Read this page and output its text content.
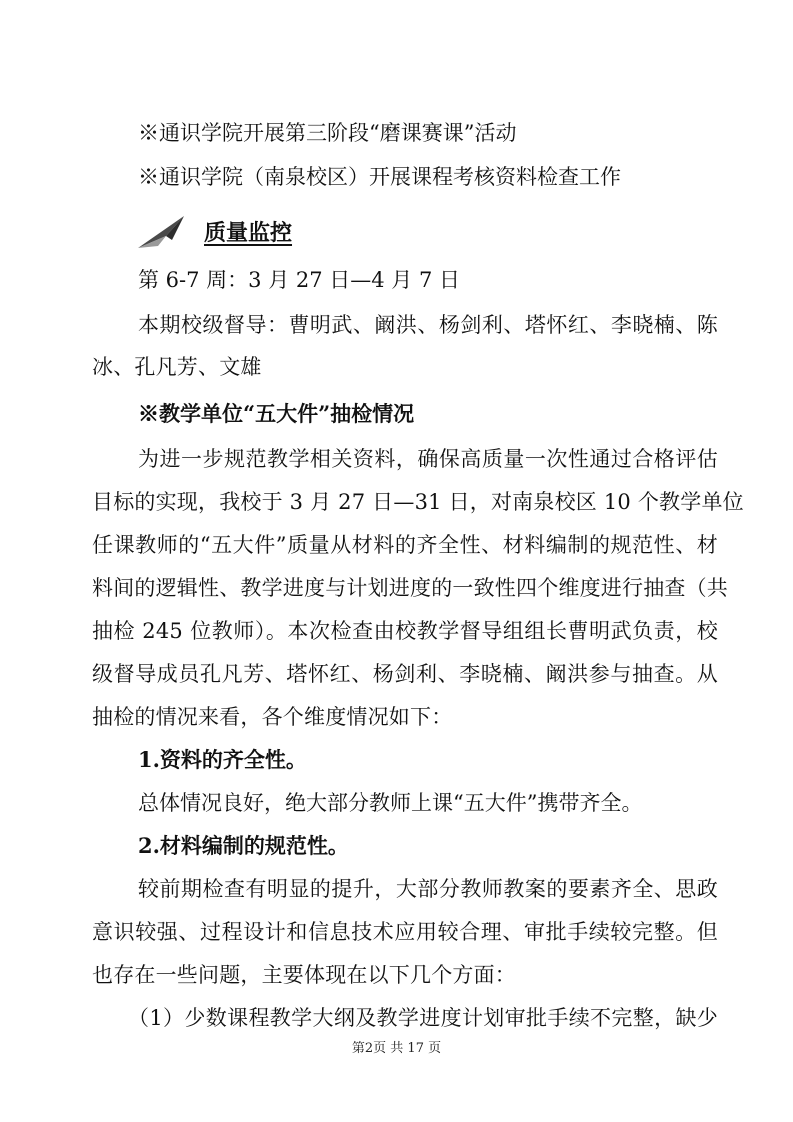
※通识学院开展第三阶段“磨课赛课”活动
※通识学院（南泉校区）开展课程考核资料检查工作
质量监控
第 6-7 周：3 月 27 日—4 月 7 日
本期校级督导：曹明武、阚洪、杨剑利、塔怀红、李晓楠、陈
冰、孔凡芳、文雄
※教学单位“五大件”抽检情况
为进一步规范教学相关资料，确保高质量一次性通过合格评估
目标的实现，我校于 3 月 27 日—31 日，对南泉校区 10 个教学单位
任课教师的“五大件”质量从材料的齐全性、材料编制的规范性、材
料间的逻辑性、教学进度与计划进度的一致性四个维度进行抽查（共
抽检 245 位教师）。本次检查由校教学督导组组长曹明武负责，校
级督导成员孔凡芳、塔怀红、杨剑利、李晓楠、阚洪参与抽查。从
抽检的情况来看，各个维度情况如下：
1.资料的齐全性。
总体情况良好，绝大部分教师上课“五大件”携带齐全。
2.材料编制的规范性。
较前期检查有明显的提升，大部分教师教案的要素齐全、思政
意识较强、过程设计和信息技术应用较合理、审批手续较完整。但
也存在一些问题，主要体现在以下几个方面：
（1）少数课程教学大纲及教学进度计划审批手续不完整，缺少
第2页 共 17 页
